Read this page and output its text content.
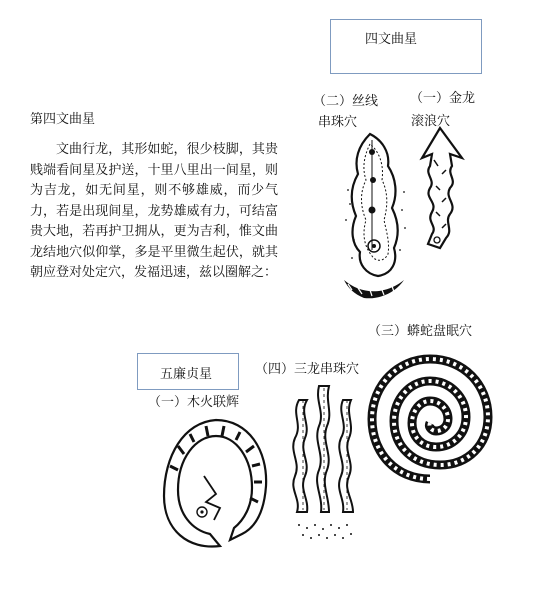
四文曲星
五廉贞星
第四文曲星

文曲行龙，其形如蛇，很少枝脚，其贵贱端看间星及护送，十里八里出一间星，则为吉龙，如无间星，则不够雄威，而少气力，若是出现间星，龙势雄威有力，可结富贵大地，若再护卫拥从，更为吉利，惟文曲龙结地穴似仰掌，多是平里微生起伏，就其朝应登对处定穴，发福迅速，兹以圈解之：

（二）丝线
串珠穴
（一）金龙
滚浪穴
（三）蟒蛇盘眠穴
（四）三龙串珠穴
（一）木火联辉
